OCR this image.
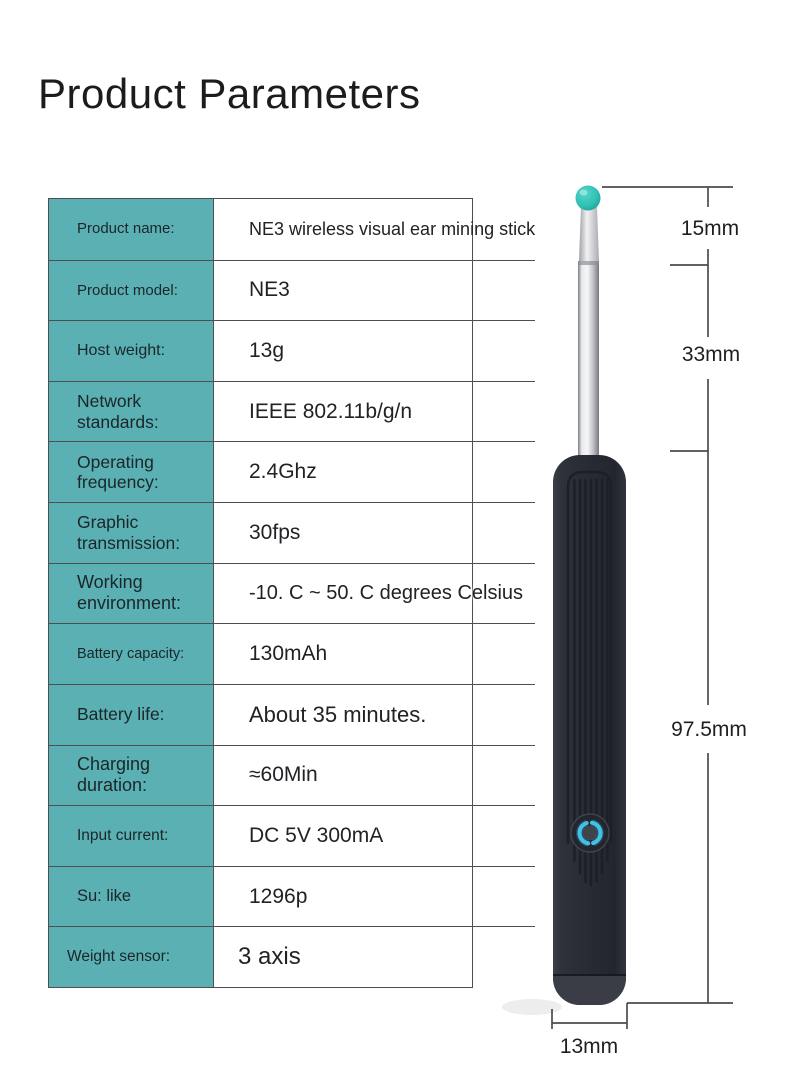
Product Parameters
Product name:	NE3 wireless visual ear mining stick
Product model:	NE3
Host weight:	13g
Network standards:	IEEE 802.11b/g/n
Operating frequency:	2.4Ghz
Graphic transmission:	30fps
Working environment:	-10. C ~ 50. C degrees Celsius
Battery capacity:	130mAh
Battery life:	About 35 minutes.
Charging duration:	≈60Min
Input current:	DC 5V 300mA
Su: like	1296p
Weight sensor:	3 axis
15mm
33mm
97.5mm
13mm
